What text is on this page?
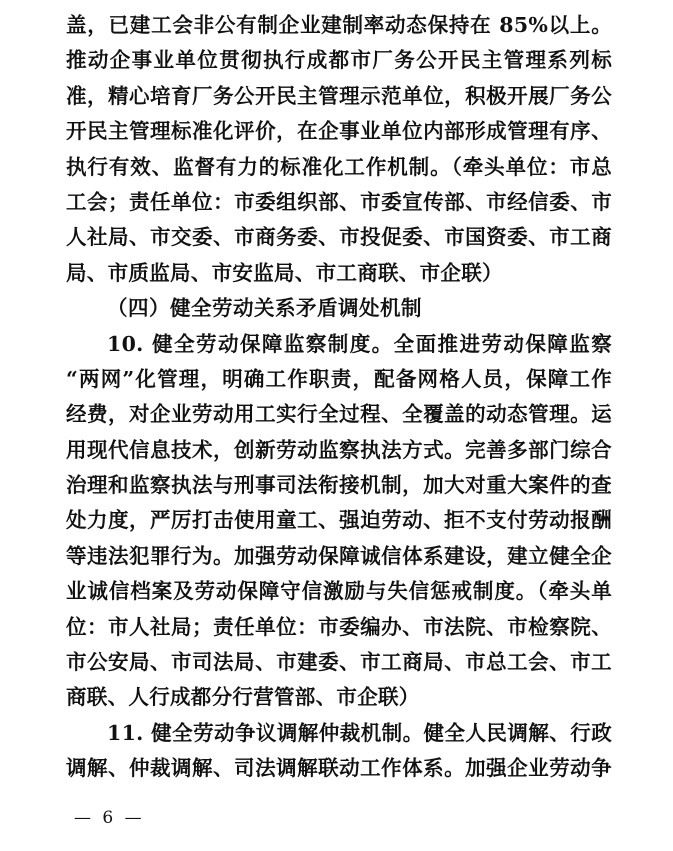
盖，已建工会非公有制企业建制率动态保持在 85%以上。
推动企事业单位贯彻执行成都市厂务公开民主管理系列标
准，精心培育厂务公开民主管理示范单位，积极开展厂务公
开民主管理标准化评价，在企事业单位内部形成管理有序、
执行有效、监督有力的标准化工作机制。（牵头单位：市总
工会；责任单位：市委组织部、市委宣传部、市经信委、市
人社局、市交委、市商务委、市投促委、市国资委、市工商
局、市质监局、市安监局、市工商联、市企联）
（四）健全劳动关系矛盾调处机制
10. 健全劳动保障监察制度。全面推进劳动保障监察
“两网”化管理，明确工作职责，配备网格人员，保障工作
经费，对企业劳动用工实行全过程、全覆盖的动态管理。运
用现代信息技术，创新劳动监察执法方式。完善多部门综合
治理和监察执法与刑事司法衔接机制，加大对重大案件的查
处力度，严厉打击使用童工、强迫劳动、拒不支付劳动报酬
等违法犯罪行为。加强劳动保障诚信体系建设，建立健全企
业诚信档案及劳动保障守信激励与失信惩戒制度。（牵头单
位：市人社局；责任单位：市委编办、市法院、市检察院、
市公安局、市司法局、市建委、市工商局、市总工会、市工
商联、人行成都分行营管部、市企联）
11. 健全劳动争议调解仲裁机制。健全人民调解、行政
调解、仲裁调解、司法调解联动工作体系。加强企业劳动争
— 6 —
